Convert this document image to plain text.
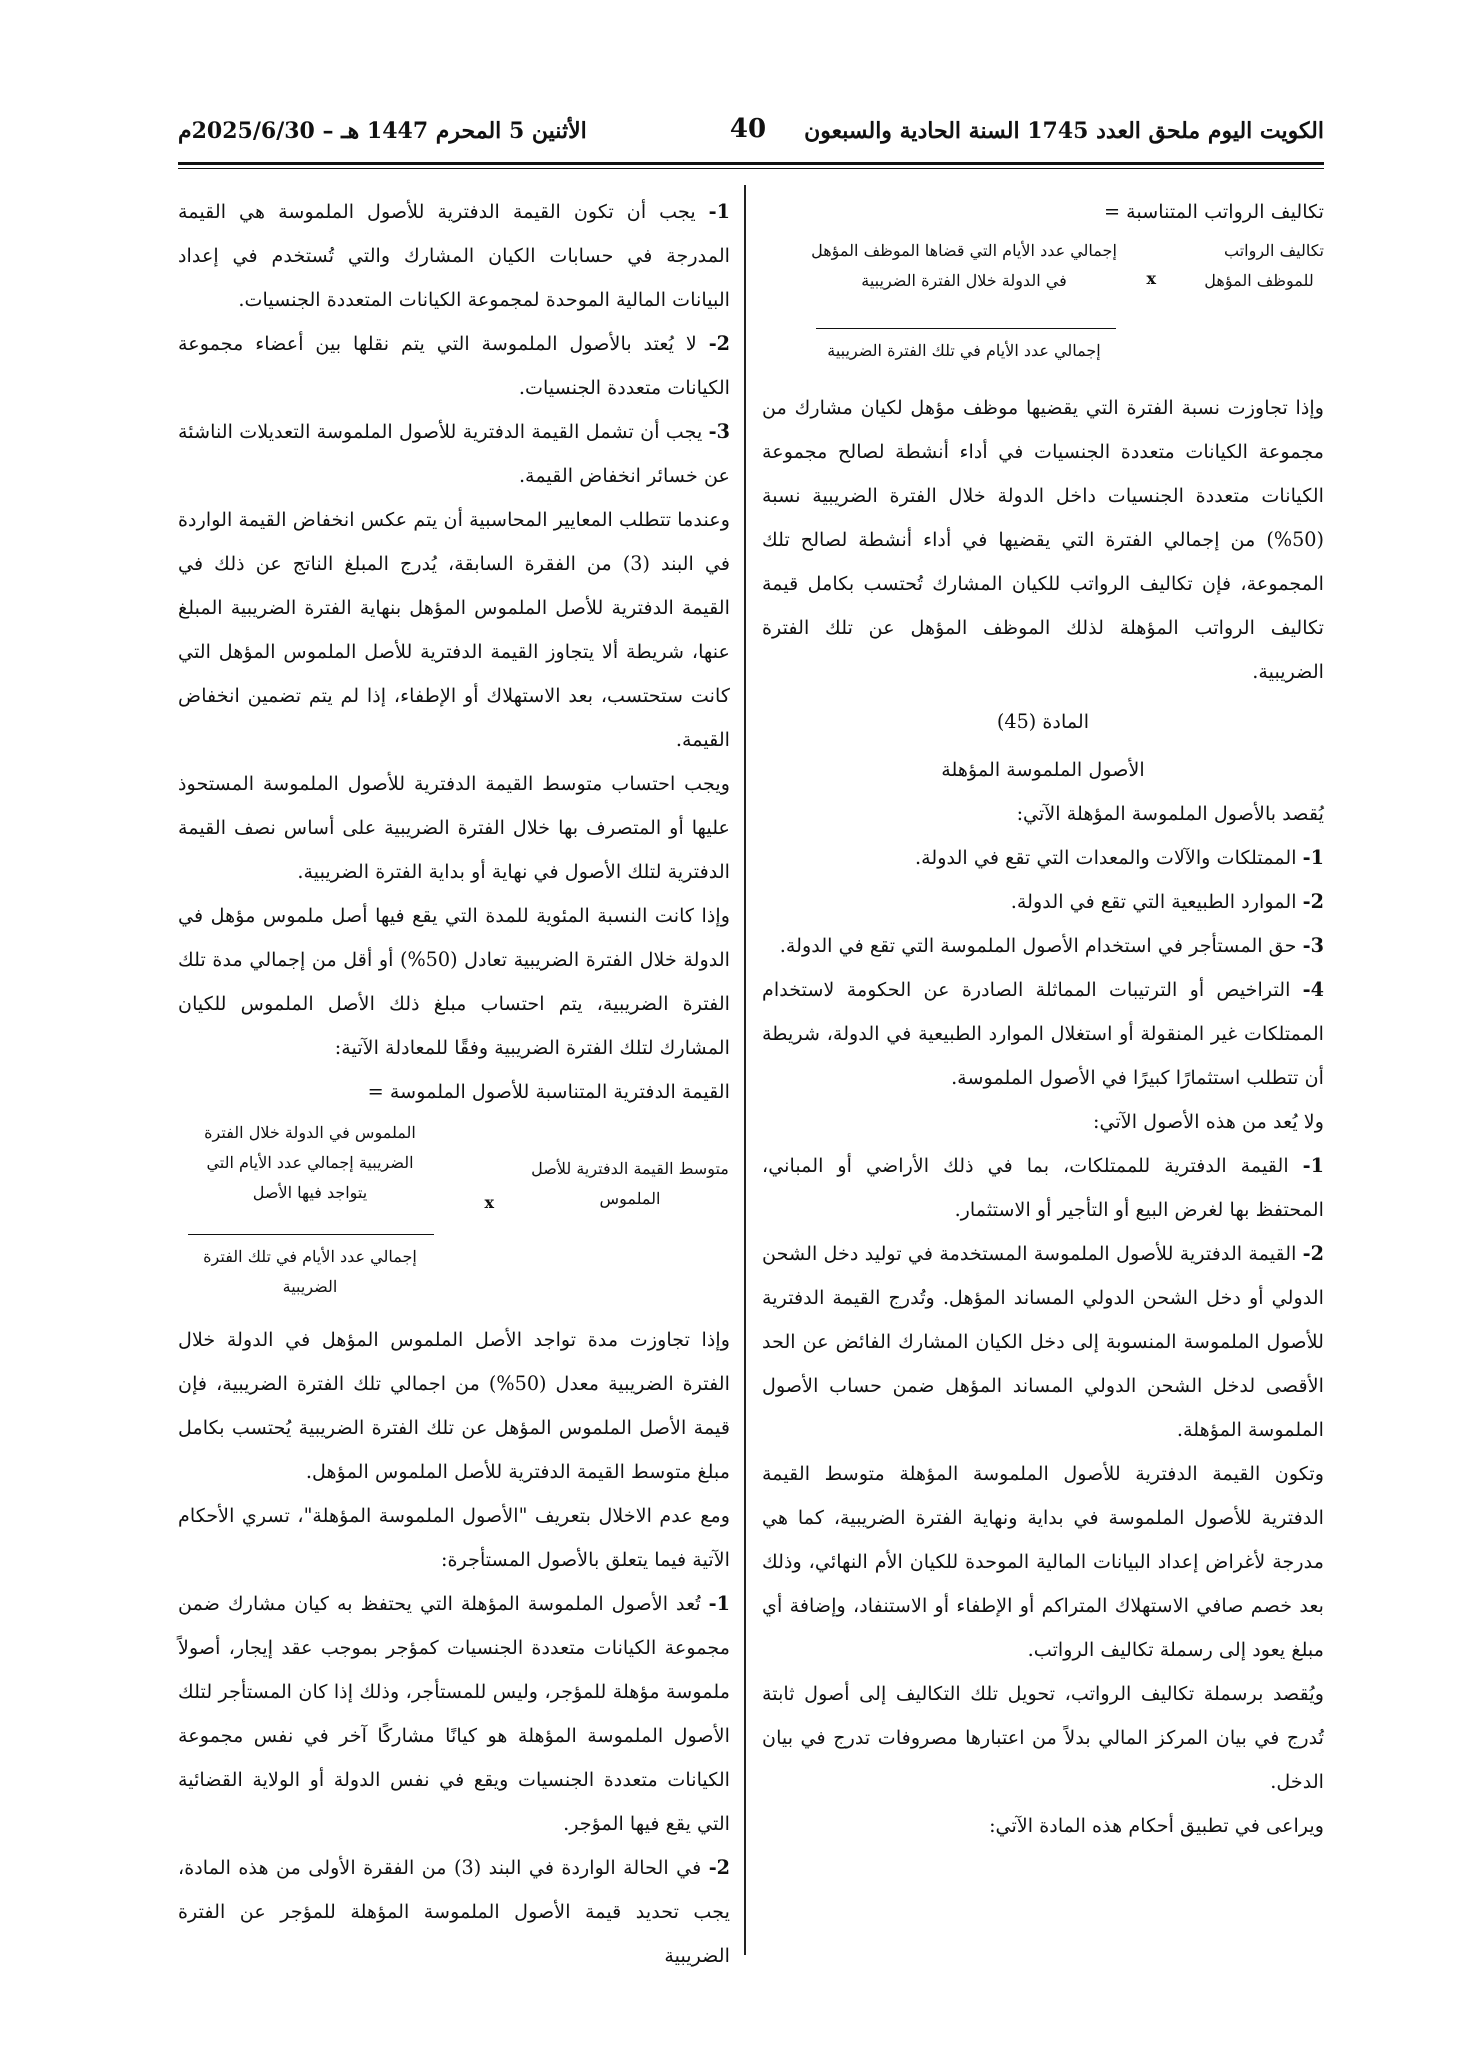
الكويت اليوم ملحق العدد 1745 السنة الحادية والسبعون
40
الأثنين 5 المحرم 1447 هـ – 2025/6/30م

تكاليف الرواتب المتناسبة =

تكاليف الرواتب للموظف المؤهل
x
إجمالي عدد الأيام التي قضاها الموظف المؤهل في الدولة خلال الفترة الضريبية
إجمالي عدد الأيام في تلك الفترة الضريبية

وإذا تجاوزت نسبة الفترة التي يقضيها موظف مؤهل لكيان مشارك من مجموعة الكيانات متعددة الجنسيات في أداء أنشطة لصالح مجموعة الكيانات متعددة الجنسيات داخل الدولة خلال الفترة الضريبية نسبة (50%) من إجمالي الفترة التي يقضيها في أداء أنشطة لصالح تلك المجموعة، فإن تكاليف الرواتب للكيان المشارك تُحتسب بكامل قيمة تكاليف الرواتب المؤهلة لذلك الموظف المؤهل عن تلك الفترة الضريبية.

المادة (45)

الأصول الملموسة المؤهلة

يُقصد بالأصول الملموسة المؤهلة الآتي:

1- الممتلكات والآلات والمعدات التي تقع في الدولة.

2- الموارد الطبيعية التي تقع في الدولة.

3- حق المستأجر في استخدام الأصول الملموسة التي تقع في الدولة.

4- التراخيص أو الترتيبات المماثلة الصادرة عن الحكومة لاستخدام الممتلكات غير المنقولة أو استغلال الموارد الطبيعية في الدولة، شريطة أن تتطلب استثمارًا كبيرًا في الأصول الملموسة.

ولا يُعد من هذه الأصول الآتي:

1- القيمة الدفترية للممتلكات، بما في ذلك الأراضي أو المباني، المحتفظ بها لغرض البيع أو التأجير أو الاستثمار.

2- القيمة الدفترية للأصول الملموسة المستخدمة في توليد دخل الشحن الدولي أو دخل الشحن الدولي المساند المؤهل. وتُدرج القيمة الدفترية للأصول الملموسة المنسوبة إلى دخل الكيان المشارك الفائض عن الحد الأقصى لدخل الشحن الدولي المساند المؤهل ضمن حساب الأصول الملموسة المؤهلة.

وتكون القيمة الدفترية للأصول الملموسة المؤهلة متوسط القيمة الدفترية للأصول الملموسة في بداية ونهاية الفترة الضريبية، كما هي مدرجة لأغراض إعداد البيانات المالية الموحدة للكيان الأم النهائي، وذلك بعد خصم صافي الاستهلاك المتراكم أو الإطفاء أو الاستنفاد، وإضافة أي مبلغ يعود إلى رسملة تكاليف الرواتب.

ويُقصد برسملة تكاليف الرواتب، تحويل تلك التكاليف إلى أصول ثابتة تُدرج في بيان المركز المالي بدلاً من اعتبارها مصروفات تدرج في بيان الدخل.

ويراعى في تطبيق أحكام هذه المادة الآتي:

1- يجب أن تكون القيمة الدفترية للأصول الملموسة هي القيمة المدرجة في حسابات الكيان المشارك والتي تُستخدم في إعداد البيانات المالية الموحدة لمجموعة الكيانات المتعددة الجنسيات.

2- لا يُعتد بالأصول الملموسة التي يتم نقلها بين أعضاء مجموعة الكيانات متعددة الجنسيات.

3- يجب أن تشمل القيمة الدفترية للأصول الملموسة التعديلات الناشئة عن خسائر انخفاض القيمة.

وعندما تتطلب المعايير المحاسبية أن يتم عكس انخفاض القيمة الواردة في البند (3) من الفقرة السابقة، يُدرج المبلغ الناتج عن ذلك في القيمة الدفترية للأصل الملموس المؤهل بنهاية الفترة الضريبية المبلغ عنها، شريطة ألا يتجاوز القيمة الدفترية للأصل الملموس المؤهل التي كانت ستحتسب، بعد الاستهلاك أو الإطفاء، إذا لم يتم تضمين انخفاض القيمة.

ويجب احتساب متوسط القيمة الدفترية للأصول الملموسة المستحوذ عليها أو المتصرف بها خلال الفترة الضريبية على أساس نصف القيمة الدفترية لتلك الأصول في نهاية أو بداية الفترة الضريبية.

وإذا كانت النسبة المئوية للمدة التي يقع فيها أصل ملموس مؤهل في الدولة خلال الفترة الضريبية تعادل (50%) أو أقل من إجمالي مدة تلك الفترة الضريبية، يتم احتساب مبلغ ذلك الأصل الملموس للكيان المشارك لتلك الفترة الضريبية وفقًا للمعادلة الآتية:

القيمة الدفترية المتناسبة للأصول الملموسة =

متوسط القيمة الدفترية للأصل الملموس
x
الملموس في الدولة خلال الفترة الضريبية إجمالي عدد الأيام التي يتواجد فيها الأصل
إجمالي عدد الأيام في تلك الفترة الضريبية

وإذا تجاوزت مدة تواجد الأصل الملموس المؤهل في الدولة خلال الفترة الضريبية معدل (50%) من اجمالي تلك الفترة الضريبية، فإن قيمة الأصل الملموس المؤهل عن تلك الفترة الضريبية يُحتسب بكامل مبلغ متوسط القيمة الدفترية للأصل الملموس المؤهل.

ومع عدم الاخلال بتعريف "الأصول الملموسة المؤهلة"، تسري الأحكام الآتية فيما يتعلق بالأصول المستأجرة:

1- تُعد الأصول الملموسة المؤهلة التي يحتفظ به كيان مشارك ضمن مجموعة الكيانات متعددة الجنسيات كمؤجر بموجب عقد إيجار، أصولاً ملموسة مؤهلة للمؤجر، وليس للمستأجر، وذلك إذا كان المستأجر لتلك الأصول الملموسة المؤهلة هو كيانًا مشاركًا آخر في نفس مجموعة الكيانات متعددة الجنسيات ويقع في نفس الدولة أو الولاية القضائية التي يقع فيها المؤجر.

2- في الحالة الواردة في البند (3) من الفقرة الأولى من هذه المادة، يجب تحديد قيمة الأصول الملموسة المؤهلة للمؤجر عن الفترة الضريبية
